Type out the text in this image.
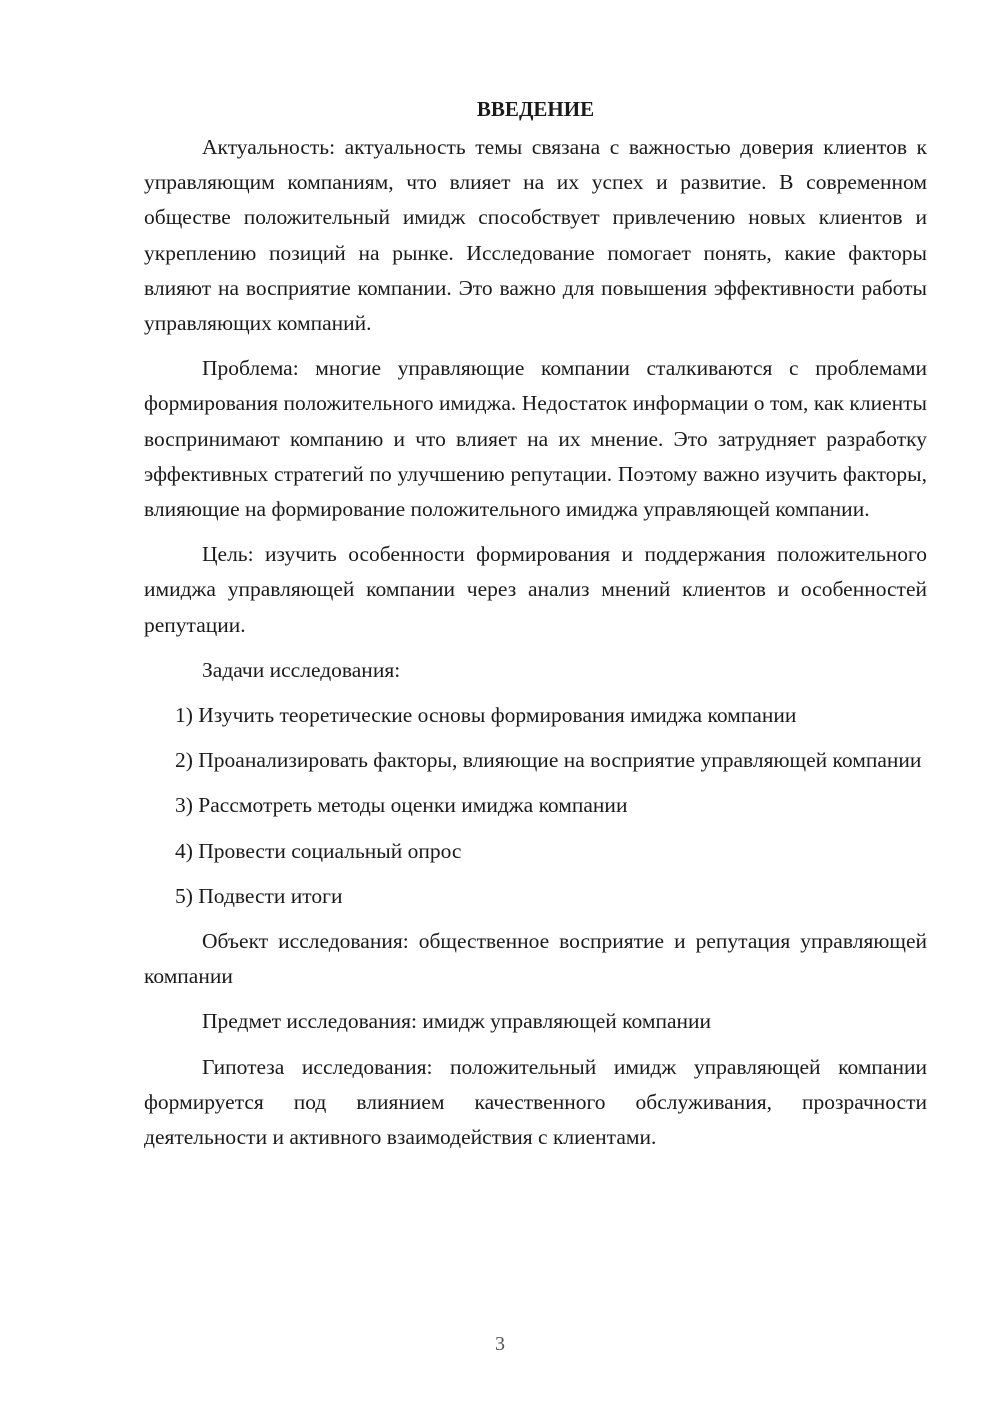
ВВЕДЕНИЕ

Актуальность: актуальность темы связана с важностью доверия клиентов к управляющим компаниям, что влияет на их успех и развитие. В современном обществе положительный имидж способствует привлечению новых клиентов и укреплению позиций на рынке. Исследование помогает понять, какие факторы влияют на восприятие компании. Это важно для повышения эффективности работы управляющих компаний.

Проблема: многие управляющие компании сталкиваются с проблемами формирования положительного имиджа. Недостаток информации о том, как клиенты воспринимают компанию и что влияет на их мнение. Это затрудняет разработку эффективных стратегий по улучшению репутации. Поэтому важно изучить факторы, влияющие на формирование положительного имиджа управляющей компании.

Цель: изучить особенности формирования и поддержания положительного имиджа управляющей компании через анализ мнений клиентов и особенностей репутации.

Задачи исследования:

1) Изучить теоретические основы формирования имиджа компании

2) Проанализировать факторы, влияющие на восприятие управляющей компании

3) Рассмотреть методы оценки имиджа компании

4) Провести социальный опрос

5) Подвести итоги

Объект исследования: общественное восприятие и репутация управляющей компании

Предмет исследования: имидж управляющей компании

Гипотеза исследования: положительный имидж управляющей компании формируется под влиянием качественного обслуживания, прозрачности деятельности и активного взаимодействия с клиентами.

3
